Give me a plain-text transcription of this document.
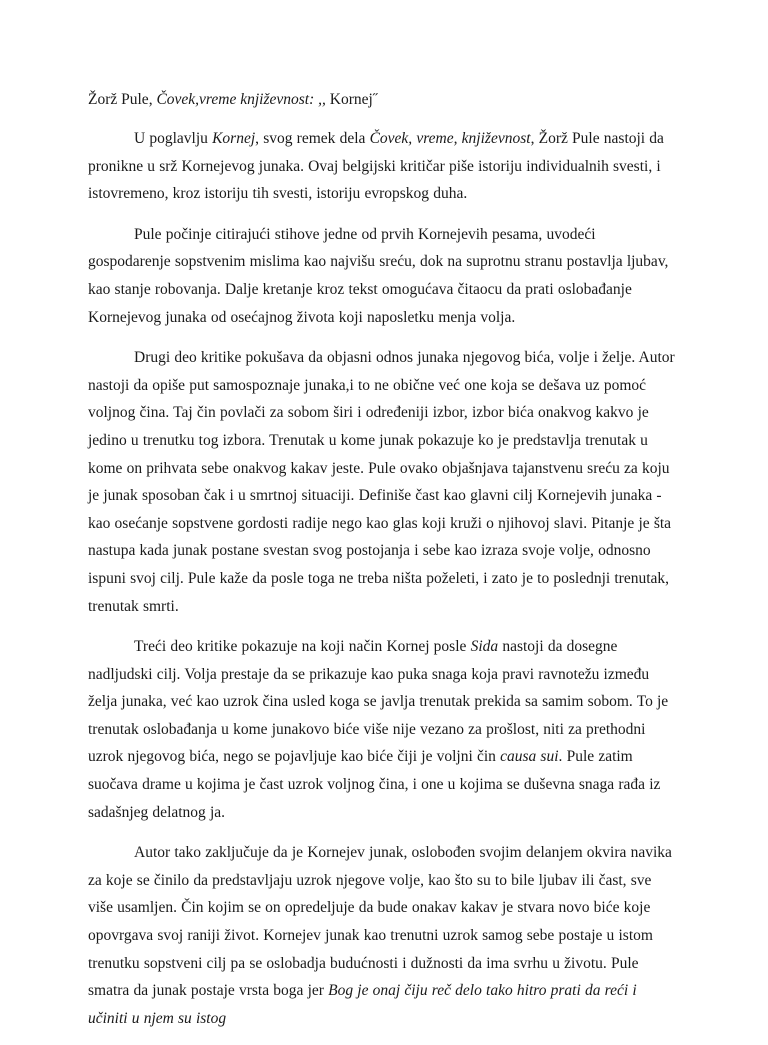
Žorž Pule, Čovek,vreme književnost: ,, Kornej˝

U poglavlju Kornej, svog remek dela Čovek, vreme, književnost, Žorž Pule nastoji da pronikne u srž Kornejevog junaka. Ovaj belgijski kritičar piše istoriju individualnih svesti, i istovremeno, kroz istoriju tih svesti, istoriju evropskog duha.

Pule počinje citirajući stihove jedne od prvih Kornejevih pesama, uvodeći gospodarenje sopstvenim mislima kao najvišu sreću, dok na suprotnu stranu postavlja ljubav, kao stanje robovanja. Dalje kretanje kroz tekst omogućava čitaocu da prati oslobađanje Kornejevog junaka od osećajnog života koji naposletku menja volja.

Drugi deo kritike pokušava da objasni odnos junaka njegovog bića, volje i želje. Autor nastoji da opiše put samospoznaje junaka,i to ne obične već one koja se dešava uz pomoć voljnog čina. Taj čin povlači za sobom širi i određeniji izbor, izbor bića onakvog kakvo je jedino u trenutku tog izbora. Trenutak u kome junak pokazuje ko je predstavlja trenutak u kome on prihvata sebe onakvog kakav jeste. Pule ovako objašnjava tajanstvenu sreću za koju je junak sposoban čak i u smrtnoj situaciji. Definiše čast kao glavni cilj Kornejevih junaka - kao osećanje sopstvene gordosti radije nego kao glas koji kruži o njihovoj slavi. Pitanje je šta nastupa kada junak postane svestan svog postojanja i sebe kao izraza svoje volje, odnosno ispuni svoj cilj. Pule kaže da posle toga ne treba ništa poželeti, i zato je to poslednji trenutak, trenutak smrti.

Treći deo kritike pokazuje na koji način Kornej posle Sida nastoji da dosegne nadljudski cilj. Volja prestaje da se prikazuje kao puka snaga koja pravi ravnotežu između želja junaka, već kao uzrok čina usled koga se javlja trenutak prekida sa samim sobom. To je trenutak oslobađanja u kome junakovo biće više nije vezano za prošlost, niti za prethodni uzrok njegovog bića, nego se pojavljuje kao biće čiji je voljni čin causa sui. Pule zatim suočava drame u kojima je čast uzrok voljnog čina, i one u kojima se duševna snaga rađa iz sadašnjeg delatnog ja.

Autor tako zaključuje da je Kornejev junak, oslobođen svojim delanjem okvira navika za koje se činilo da predstavljaju uzrok njegove volje, kao što su to bile ljubav ili čast, sve više usamljen. Čin kojim se on opredeljuje da bude onakav kakav je stvara novo biće koje opovrgava svoj raniji život. Kornejev junak kao trenutni uzrok samog sebe postaje u istom trenutku sopstveni cilj pa se oslobadja budućnosti i dužnosti da ima svrhu u životu. Pule smatra da junak postaje vrsta boga jer Bog je onaj čiju reč delo tako hitro prati da reći i učiniti u njem su istog
